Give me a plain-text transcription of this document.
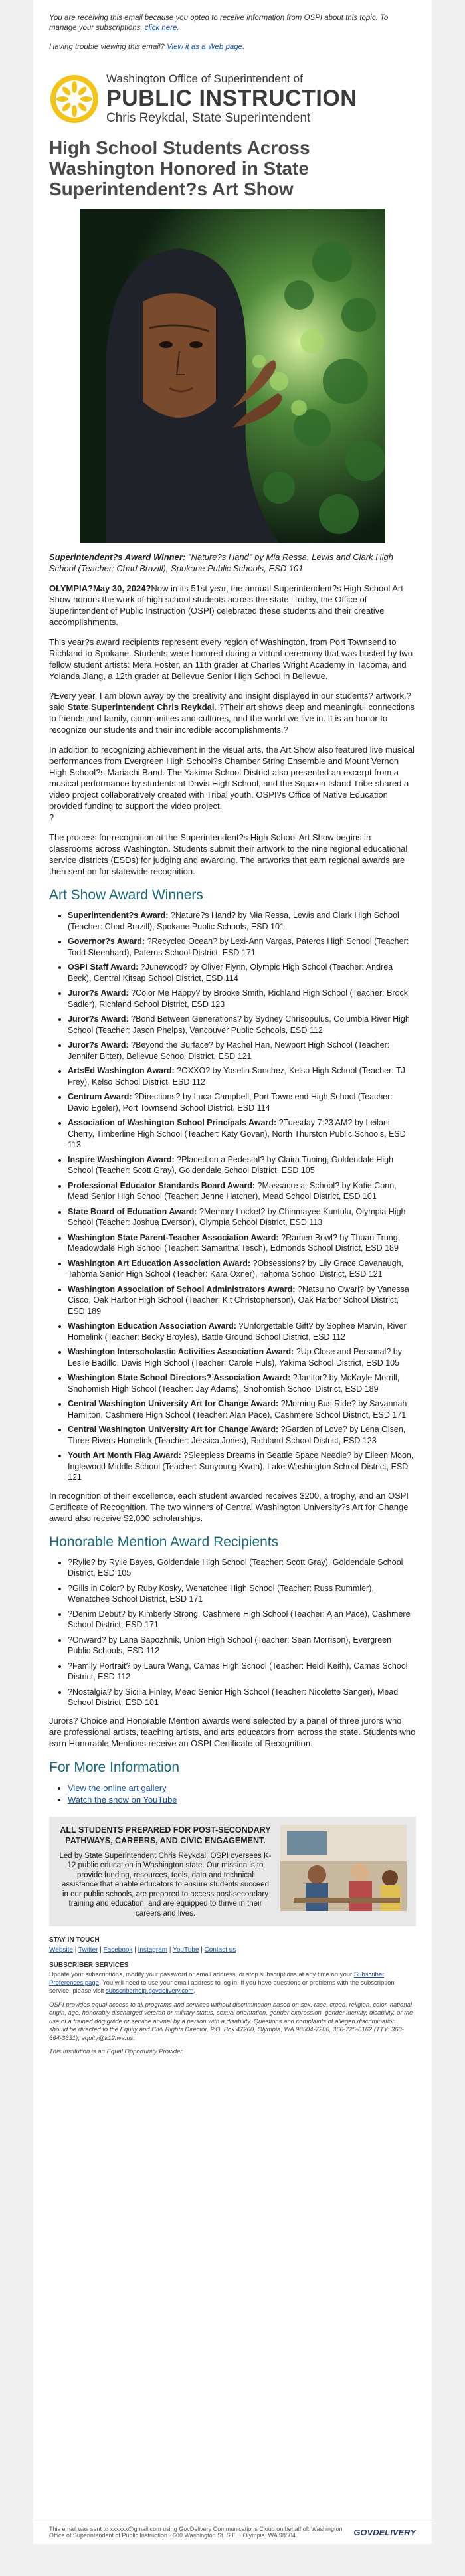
You are receiving this email because you opted to receive information from OSPI about this topic. To manage your subscriptions, click here.

Having trouble viewing this email? View it as a Web page.

Washington Office of Superintendent of
PUBLIC INSTRUCTION
Chris Reykdal, State Superintendent
High School Students Across Washington Honored in State Superintendent?s Art Show

Superintendent?s Award Winner: "Nature?s Hand" by Mia Ressa, Lewis and Clark High School (Teacher: Chad Brazill), Spokane Public Schools, ESD 101

OLYMPIA?May 30, 2024?Now in its 51st year, the annual Superintendent?s High School Art Show honors the work of high school students across the state. Today, the Office of Superintendent of Public Instruction (OSPI) celebrated these students and their creative accomplishments.

This year?s award recipients represent every region of Washington, from Port Townsend to Richland to Spokane. Students were honored during a virtual ceremony that was hosted by two fellow student artists: Mera Foster, an 11th grader at Charles Wright Academy in Tacoma, and Yolanda Jiang, a 12th grader at Bellevue Senior High School in Bellevue.

?Every year, I am blown away by the creativity and insight displayed in our students? artwork,? said State Superintendent Chris Reykdal. ?Their art shows deep and meaningful connections to friends and family, communities and cultures, and the world we live in. It is an honor to recognize our students and their incredible accomplishments.?

In addition to recognizing achievement in the visual arts, the Art Show also featured live musical performances from Evergreen High School?s Chamber String Ensemble and Mount Vernon High School?s Mariachi Band. The Yakima School District also presented an excerpt from a musical performance by students at Davis High School, and the Squaxin Island Tribe shared a video project collaboratively created with Tribal youth. OSPI?s Office of Native Education provided funding to support the video project.
?

The process for recognition at the Superintendent?s High School Art Show begins in classrooms across Washington. Students submit their artwork to the nine regional educational service districts (ESDs) for judging and awarding. The artworks that earn regional awards are then sent on for statewide recognition.

Art Show Award Winners
• Superintendent?s Award: ?Nature?s Hand? by Mia Ressa, Lewis and Clark High School (Teacher: Chad Brazill), Spokane Public Schools, ESD 101
• Governor?s Award: ?Recycled Ocean? by Lexi-Ann Vargas, Pateros High School (Teacher: Todd Steenhard), Pateros School District, ESD 171
• OSPI Staff Award: ?Junewood? by Oliver Flynn, Olympic High School (Teacher: Andrea Beck), Central Kitsap School District, ESD 114
• Juror?s Award: ?Color Me Happy? by Brooke Smith, Richland High School (Teacher: Brock Sadler), Richland School District, ESD 123
• Juror?s Award: ?Bond Between Generations? by Sydney Chrisopulus, Columbia River High School (Teacher: Jason Phelps), Vancouver Public Schools, ESD 112
• Juror?s Award: ?Beyond the Surface? by Rachel Han, Newport High School (Teacher: Jennifer Bitter), Bellevue School District, ESD 121
• ArtsEd Washington Award: ?OXXO? by Yoselin Sanchez, Kelso High School (Teacher: TJ Frey), Kelso School District, ESD 112
• Centrum Award: ?Directions? by Luca Campbell, Port Townsend High School (Teacher: David Egeler), Port Townsend School District, ESD 114
• Association of Washington School Principals Award: ?Tuesday 7:23 AM? by Leilani Cherry, Timberline High School (Teacher: Katy Govan), North Thurston Public Schools, ESD 113
• Inspire Washington Award: ?Placed on a Pedestal? by Claira Tuning, Goldendale High School (Teacher: Scott Gray), Goldendale School District, ESD 105
• Professional Educator Standards Board Award: ?Massacre at School? by Katie Conn, Mead Senior High School (Teacher: Jenne Hatcher), Mead School District, ESD 101
• State Board of Education Award: ?Memory Locket? by Chinmayee Kuntulu, Olympia High School (Teacher: Joshua Everson), Olympia School District, ESD 113
• Washington State Parent-Teacher Association Award: ?Ramen Bowl? by Thuan Trung, Meadowdale High School (Teacher: Samantha Tesch), Edmonds School District, ESD 189
• Washington Art Education Association Award: ?Obsessions? by Lily Grace Cavanaugh, Tahoma Senior High School (Teacher: Kara Oxner), Tahoma School District, ESD 121
• Washington Association of School Administrators Award: ?Natsu no Owari? by Vanessa Cisco, Oak Harbor High School (Teacher: Kit Christopherson), Oak Harbor School District, ESD 189
• Washington Education Association Award: ?Unforgettable Gift? by Sophee Marvin, River Homelink (Teacher: Becky Broyles), Battle Ground School District, ESD 112
• Washington Interscholastic Activities Association Award: ?Up Close and Personal? by Leslie Badillo, Davis High School (Teacher: Carole Huls), Yakima School District, ESD 105
• Washington State School Directors? Association Award: ?Janitor? by McKayle Morrill, Snohomish High School (Teacher: Jay Adams), Snohomish School District, ESD 189
• Central Washington University Art for Change Award: ?Morning Bus Ride? by Savannah Hamilton, Cashmere High School (Teacher: Alan Pace), Cashmere School District, ESD 171
• Central Washington University Art for Change Award: ?Garden of Love? by Lena Olsen, Three Rivers Homelink (Teacher: Jessica Jones), Richland School District, ESD 123
• Youth Art Month Flag Award: ?Sleepless Dreams in Seattle Space Needle? by Eileen Moon, Inglewood Middle School (Teacher: Sunyoung Kwon), Lake Washington School District, ESD 121

In recognition of their excellence, each student awarded receives $200, a trophy, and an OSPI Certificate of Recognition. The two winners of Central Washington University?s Art for Change award also receive $2,000 scholarships.

Honorable Mention Award Recipients
• ?Rylie? by Rylie Bayes, Goldendale High School (Teacher: Scott Gray), Goldendale School District, ESD 105
• ?Gills in Color? by Ruby Kosky, Wenatchee High School (Teacher: Russ Rummler), Wenatchee School District, ESD 171
• ?Denim Debut? by Kimberly Strong, Cashmere High School (Teacher: Alan Pace), Cashmere School District, ESD 171
• ?Onward? by Lana Sapozhnik, Union High School (Teacher: Sean Morrison), Evergreen Public Schools, ESD 112
• ?Family Portrait? by Laura Wang, Camas High School (Teacher: Heidi Keith), Camas School District, ESD 112
• ?Nostalgia? by Sicilia Finley, Mead Senior High School (Teacher: Nicolette Sanger), Mead School District, ESD 101

Jurors? Choice and Honorable Mention awards were selected by a panel of three jurors who are professional artists, teaching artists, and arts educators from across the state. Students who earn Honorable Mentions receive an OSPI Certificate of Recognition.

For More Information
• View the online art gallery
• Watch the show on YouTube
ALL STUDENTS PREPARED FOR POST-SECONDARY PATHWAYS, CAREERS, AND CIVIC ENGAGEMENT.
Led by State Superintendent Chris Reykdal, OSPI oversees K-12 public education in Washington state. Our mission is to provide funding, resources, tools, data and technical assistance that enable educators to ensure students succeed in our public schools, are prepared to access post-secondary training and education, and are equipped to thrive in their careers and lives.
STAY IN TOUCH

Website | Twitter | Facebook | Instagram | YouTube | Contact us

SUBSCRIBER SERVICES

Update your subscriptions, modify your password or email address, or stop subscriptions at any time on your Subscriber Preferences page. You will need to use your email address to log in. If you have questions or problems with the subscription service, please visit subscriberhelp.govdelivery.com.

OSPI provides equal access to all programs and services without discrimination based on sex, race, creed, religion, color, national origin, age, honorably discharged veteran or military status, sexual orientation, gender expression, gender identity, disability, or the use of a trained dog guide or service animal by a person with a disability. Questions and complaints of alleged discrimination should be directed to the Equity and Civil Rights Director, P.O. Box 47200, Olympia, WA 98504-7200, 360-725-6162 (TTY: 360-664-3631), equity@k12.wa.us.

This Institution is an Equal Opportunity Provider.

This email was sent to xxxxxx@gmail.com using GovDelivery Communications Cloud on behalf of: Washington Office of Superintendent of Public Instruction · 600 Washington St. S.E. · Olympia, WA 98504	GOVDELIVERY
